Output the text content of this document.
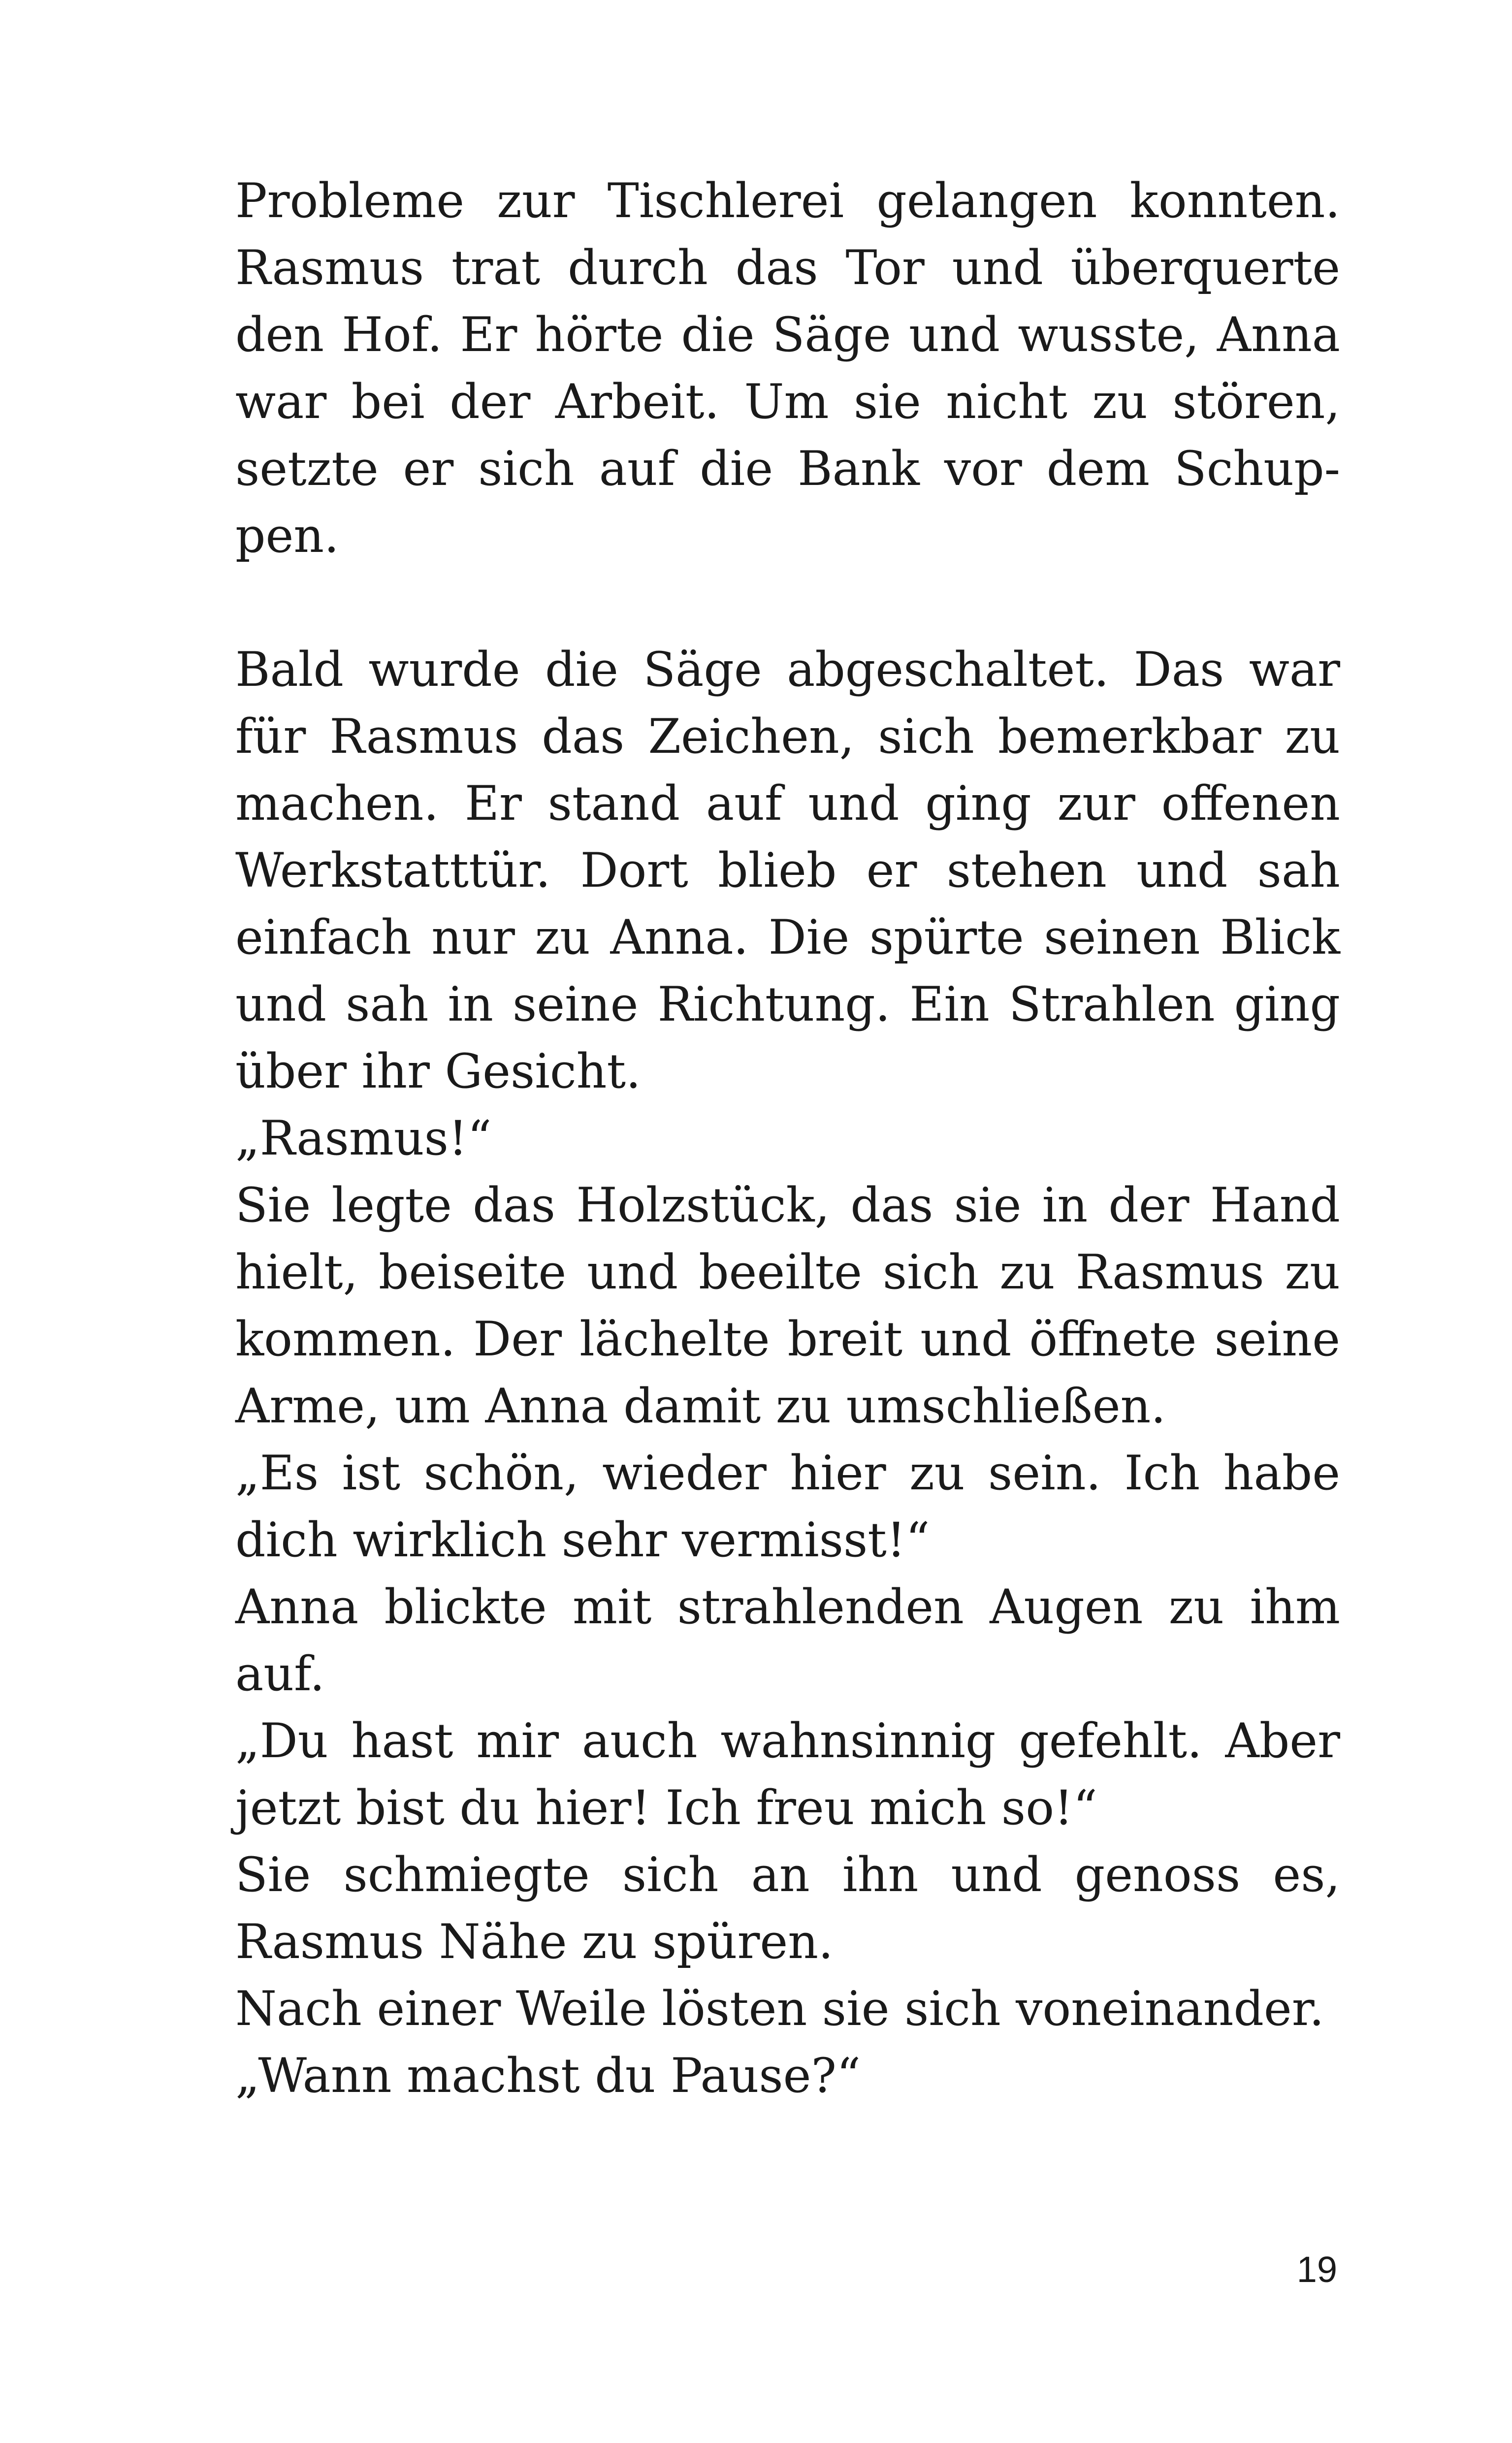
Probleme zur Tischlerei gelangen konnten.
Rasmus trat durch das Tor und überquerte
den Hof. Er hörte die Säge und wusste, Anna
war bei der Arbeit. Um sie nicht zu stören,
setzte er sich auf die Bank vor dem Schup-
pen.

Bald wurde die Säge abgeschaltet. Das war
für Rasmus das Zeichen, sich bemerkbar zu
machen. Er stand auf und ging zur offenen
Werkstatttür. Dort blieb er stehen und sah
einfach nur zu Anna. Die spürte seinen Blick
und sah in seine Richtung. Ein Strahlen ging
über ihr Gesicht.

„Rasmus!“

Sie legte das Holzstück, das sie in der Hand
hielt, beiseite und beeilte sich zu Rasmus zu
kommen. Der lächelte breit und öffnete seine
Arme, um Anna damit zu umschließen.

„Es ist schön, wieder hier zu sein. Ich habe
dich wirklich sehr vermisst!“

Anna blickte mit strahlenden Augen zu ihm
auf.

„Du hast mir auch wahnsinnig gefehlt. Aber
jetzt bist du hier! Ich freu mich so!“

Sie schmiegte sich an ihn und genoss es,
Rasmus Nähe zu spüren.

Nach einer Weile lösten sie sich voneinander.

„Wann machst du Pause?“

19
